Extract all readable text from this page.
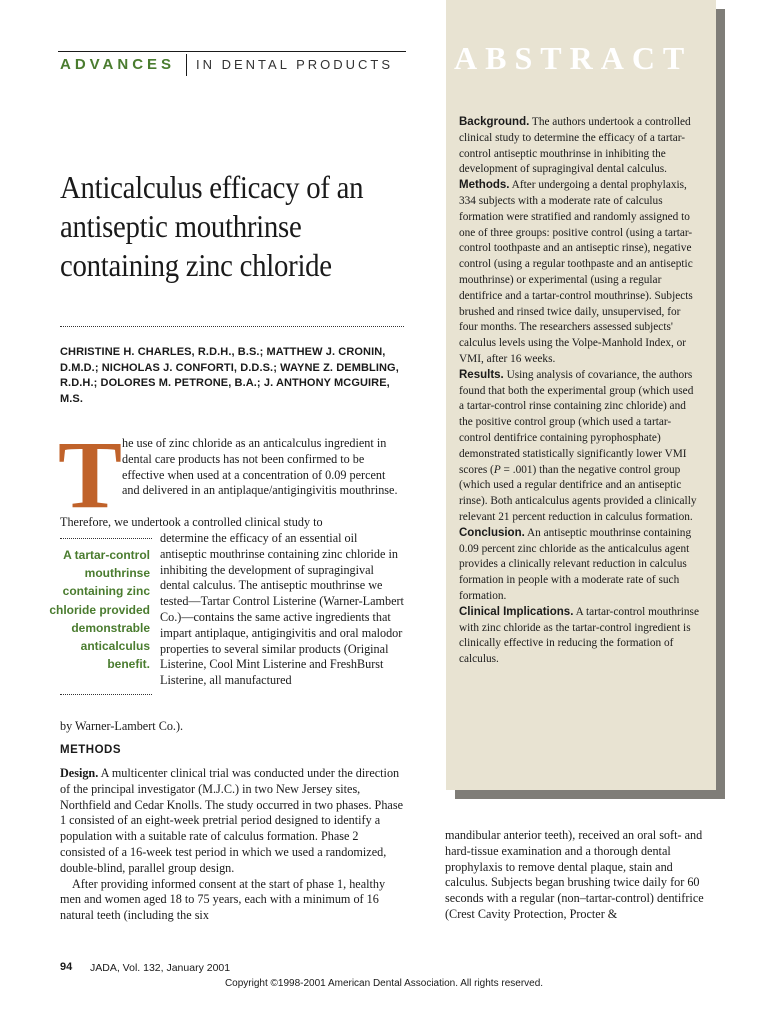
ABSTRACT
ADVANCES IN DENTAL PRODUCTS
Anticalculus efficacy of an antiseptic mouthrinse containing zinc chloride
CHRISTINE H. CHARLES, R.D.H., B.S.; MATTHEW J. CRONIN, D.M.D.; NICHOLAS J. CONFORTI, D.D.S.; WAYNE Z. DEMBLING, R.D.H.; DOLORES M. PETRONE, B.A.; J. ANTHONY MCGUIRE, M.S.
T he use of zinc chloride as an anticalculus ingredient in dental care products has not been confirmed to be effective when used at a concentration of 0.09 percent and delivered in an antiplaque/antigingivitis mouthrinse.
Therefore, we undertook a controlled clinical study to
determine the efficacy of an essential oil antiseptic mouthrinse containing zinc chloride in inhibiting the development of supragingival dental calculus. The antiseptic mouthrinse we tested—Tartar Control Listerine (Warner-Lambert Co.)—contains the same active ingredients that impart antiplaque, antigingivitis and oral malodor properties to several similar products (Original Listerine, Cool Mint Listerine and FreshBurst Listerine, all manufactured
by Warner-Lambert Co.).
A tartar-control mouthrinse containing zinc chloride provided demonstrable anticalculus benefit.
METHODS

Design. A multicenter clinical trial was conducted under the direction of the principal investigator (M.J.C.) in two New Jersey sites, Northfield and Cedar Knolls. The study occurred in two phases. Phase 1 consisted of an eight-week pretrial period designed to identify a population with a suitable rate of calculus formation. Phase 2 consisted of a 16-week test period in which we used a randomized, double-blind, parallel group design.

After providing informed consent at the start of phase 1, healthy men and women aged 18 to 75 years, each with a minimum of 16 natural teeth (including the six

mandibular anterior teeth), received an oral soft- and hard-tissue examination and a thorough dental prophylaxis to remove dental plaque, stain and calculus. Subjects began brushing twice daily for 60 seconds with a regular (non–tartar-control) dentifrice (Crest Cavity Protection, Procter &

Background. The authors undertook a controlled clinical study to determine the efficacy of a tartar-control antiseptic mouthrinse in inhibiting the development of supragingival dental calculus.

Methods. After undergoing a dental prophylaxis, 334 subjects with a moderate rate of calculus formation were stratified and randomly assigned to one of three groups: positive control (using a tartar-control toothpaste and an antiseptic rinse), negative control (using a regular toothpaste and an antiseptic mouthrinse) or experimental (using a regular dentifrice and a tartar-control mouthrinse). Subjects brushed and rinsed twice daily, unsupervised, for four months. The researchers assessed subjects' calculus levels using the Volpe-Manhold Index, or VMI, after 16 weeks.

Results. Using analysis of covariance, the authors found that both the experimental group (which used a tartar-control rinse containing zinc chloride) and the positive control group (which used a tartar-control dentifrice containing pyrophosphate) demonstrated statistically significantly lower VMI scores (P = .001) than the negative control group (which used a regular dentifrice and an antiseptic rinse). Both anticalculus agents provided a clinically relevant 21 percent reduction in calculus formation.

Conclusion. An antiseptic mouthrinse containing 0.09 percent zinc chloride as the anticalculus agent provides a clinically relevant reduction in calculus formation in people with a moderate rate of such formation.

Clinical Implications. A tartar-control mouthrinse with zinc chloride as the tartar-control ingredient is clinically effective in reducing the formation of calculus.

94 JADA, Vol. 132, January 2001
Copyright ©1998-2001 American Dental Association. All rights reserved.
